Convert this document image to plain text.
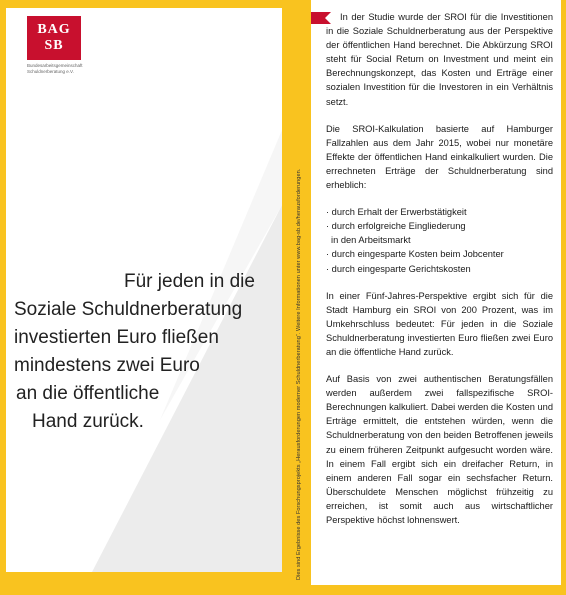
BAG
SB
Bundesarbeitsgemeinschaft Schuldnerberatung e.V.
Für jeden in die
Soziale Schuldnerberatung
investierten Euro fließen
mindestens zwei Euro
an die öffentliche
Hand zurück.	Dies sind Ergebnisse des Forschungsprojekts „Herausforderungen moderner Schuldnerberatung“. Weitere Informationen unter www.bag-sb.de/herausforderungen.

In der Studie wurde der SROI für die Investitionen in die Soziale Schuldnerberatung aus der Perspektive der öffentlichen Hand berechnet. Die Abkürzung SROI steht für Social Return on Investment und meint ein Berechnungskonzept, das Kosten und Erträge einer sozialen Investition für die Investoren in ein Verhältnis setzt.

Die SROI-Kalkulation basierte auf Hamburger Fallzahlen aus dem Jahr 2015, wobei nur monetäre Effekte der öffentlichen Hand einkalkuliert wurden. Die errechneten Erträge der Schuldnerberatung sind erheblich:

· durch Erhalt der Erwerbstätigkeit
· durch erfolgreiche Eingliederung
in den Arbeitsmarkt
· durch eingesparte Kosten beim Jobcenter
· durch eingesparte Gerichtskosten

In einer Fünf-Jahres-Perspektive ergibt sich für die Stadt Hamburg ein SROI von 200 Prozent, was im Umkehrschluss bedeutet: Für jeden in die Soziale Schuldnerberatung investierten Euro fließen zwei Euro an die öffentliche Hand zurück.

Auf Basis von zwei authentischen Beratungsfällen werden außerdem zwei fallspezifische SROI-Berechnungen kalkuliert. Dabei werden die Kosten und Erträge ermittelt, die entstehen würden, wenn die Schuldnerberatung von den beiden Betroffenen jeweils zu einem früheren Zeitpunkt aufgesucht worden wäre. In einem Fall ergibt sich ein dreifacher Return, in einem anderen Fall sogar ein sechsfacher Return. Überschuldete Menschen möglichst frühzeitig zu erreichen, ist somit auch aus wirtschaftlicher Perspektive höchst lohnenswert.
